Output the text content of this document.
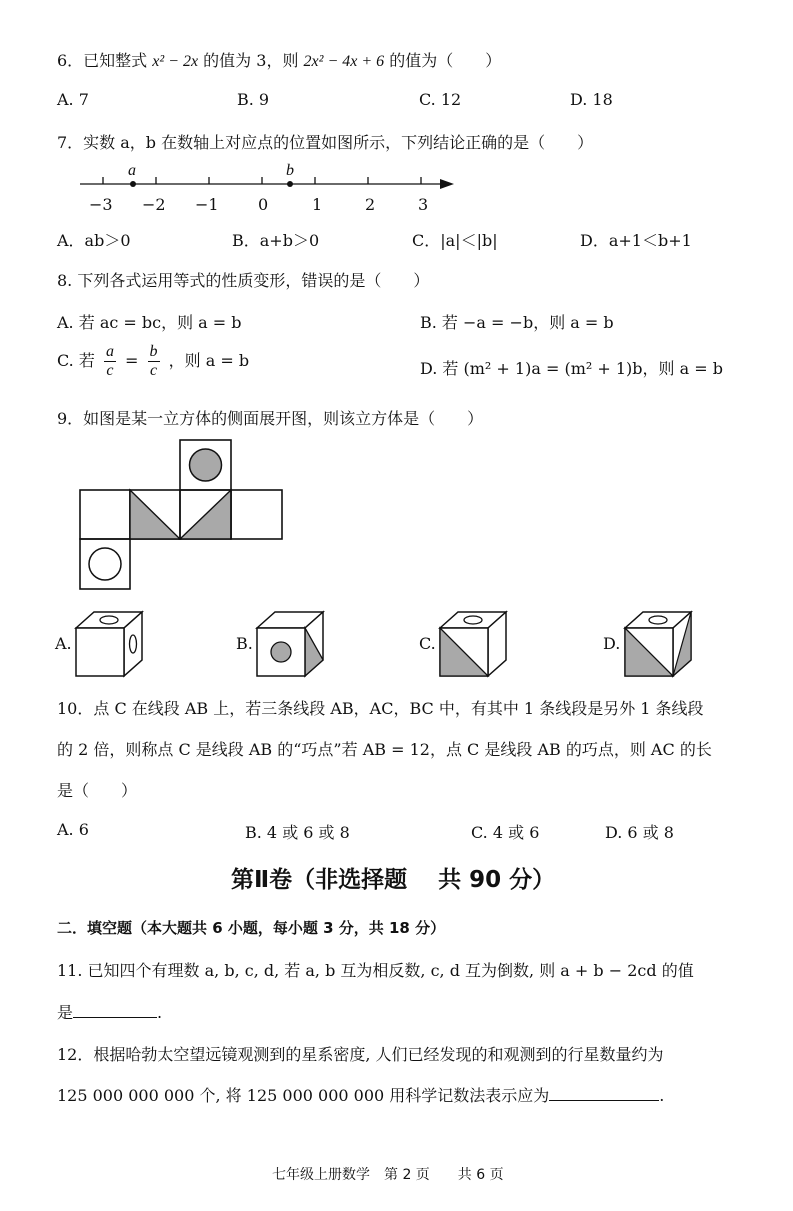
6．已知整式 x² − 2x 的值为 3，则 2x² − 4x + 6 的值为（　　）
A. 7	B. 9	C. 12	D. 18
7．实数 a，b 在数轴上对应点的位置如图所示，下列结论正确的是（　　）
a	b
−3 −2 −1 0	1	2	3
A．ab＞0	B．a+b＞0	C．|a|＜|b|	D．a+1＜b+1
8. 下列各式运用等式的性质变形，错误的是（　　）
A. 若 ac = bc，则 a = b	B. 若 −a = −b，则 a = b
C. 若 $\frac{a}{c} = \frac{b}{c}$ ，则 a = b	D. 若 (m² + 1)a = (m² + 1)b，则 a = b
9．如图是某一立方体的侧面展开图，则该立方体是（　　）
A.	B.	C.	D.
10．点 C 在线段 AB 上，若三条线段 AB，AC，BC 中，有其中 1 条线段是另外 1 条线段
的 2 倍，则称点 C 是线段 AB 的“巧点”若 AB = 12，点 C 是线段 AB 的巧点，则 AC 的长
是（　　）
A. 6	B. 4 或 6 或 8	C. 4 或 6	D. 6 或 8
第Ⅱ卷（非选择题　 共 90 分）
二．填空题（本大题共 6 小题，每小题 3 分，共 18 分）
11. 已知四个有理数 a, b, c, d, 若 a, b 互为相反数, c, d 互为倒数, 则 a + b − 2cd 的值
是	.
12．根据哈勃太空望远镜观测到的星系密度, 人们已经发现的和观测到的行星数量约为
125 000 000 000 个, 将 125 000 000 000 用科学记数法表示应为	.
七年级上册数学　第 2 页　　共 6 页
